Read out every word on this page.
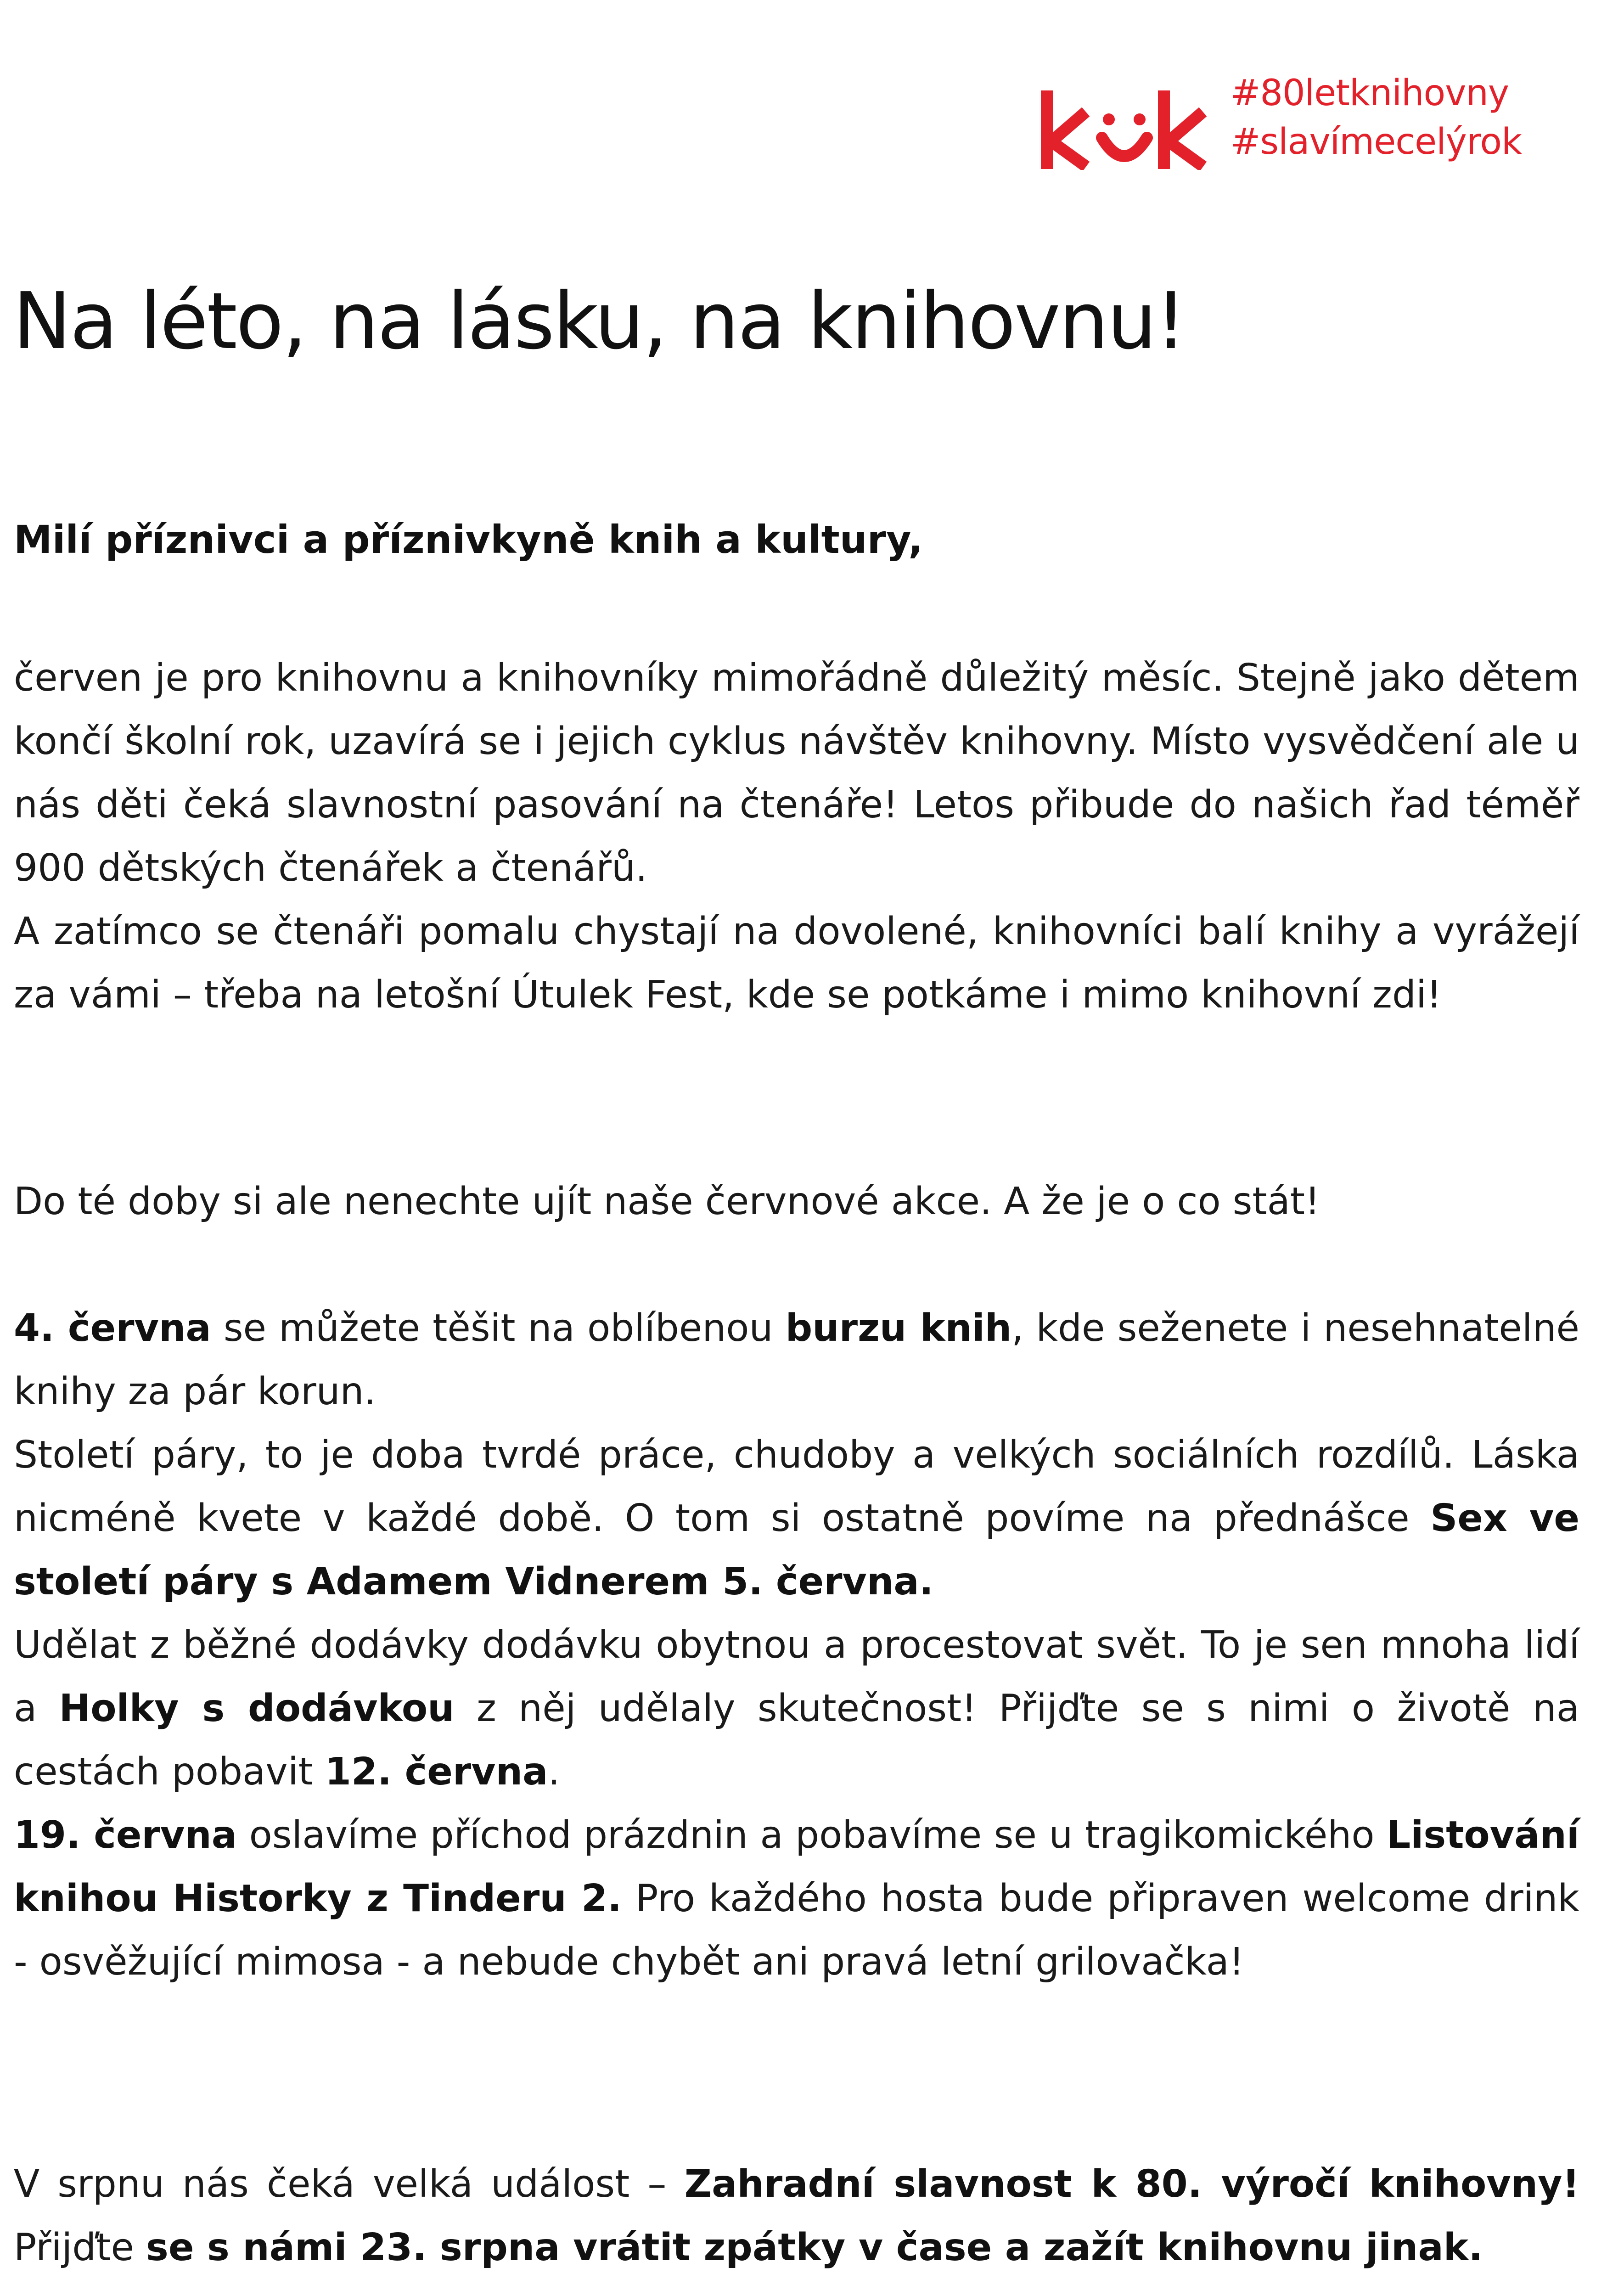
#80letknihovny
#slavímecelýrok
Na léto, na lásku, na knihovnu!

Milí příznivci a příznivkyně knih a kultury,

červen je pro knihovnu a knihovníky mimořádně důležitý měsíc. Stejně jako dětem končí školní rok, uzavírá se i jejich cyklus návštěv knihovny. Místo vysvědčení ale u nás děti čeká slavnostní pasování na čtenáře! Letos přibude do našich řad téměř 900 dětských čtenářek a čtenářů.
A zatímco se čtenáři pomalu chystají na dovolené, knihovníci balí knihy a vyrážejí za vámi – třeba na letošní Útulek Fest, kde se potkáme i mimo knihovní zdi!
Do té doby si ale nenechte ujít naše červnové akce. A že je o co stát!
4. června se můžete těšit na oblíbenou burzu knih, kde seženete i nesehnatelné knihy za pár korun.
Století páry, to je doba tvrdé práce, chudoby a velkých sociálních rozdílů. Láska nicméně kvete v každé době. O tom si ostatně povíme na přednášce Sex ve století páry s Adamem Vidnerem 5. června.
Udělat z běžné dodávky dodávku obytnou a procestovat svět. To je sen mnoha lidí a Holky s dodávkou z něj udělaly skutečnost! Přijďte se s nimi o životě na cestách pobavit 12. června.
19. června oslavíme příchod prázdnin a pobavíme se u tragikomického Listování knihou Historky z Tinderu 2. Pro každého hosta bude připraven welcome drink - osvěžující mimosa - a nebude chybět ani pravá letní grilovačka!
V srpnu nás čeká velká událost – Zahradní slavnost k 80. výročí knihovny! Přijďte se s námi 23. srpna vrátit zpátky v čase a zažít knihovnu jinak.
